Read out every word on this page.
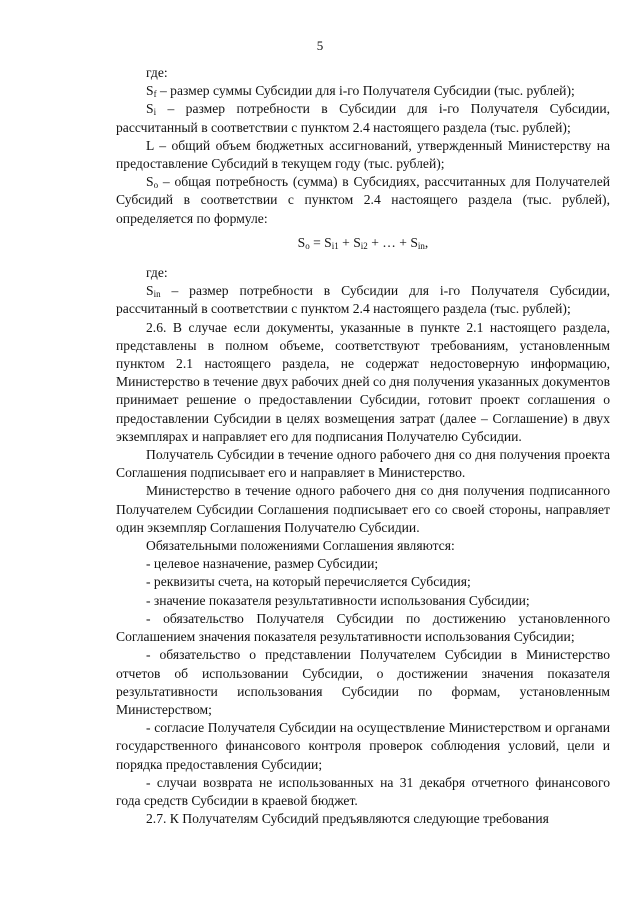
5

где:

$S_f$ – размер суммы Субсидии для i-го Получателя Субсидии (тыс. рублей);

$S_i$ – размер потребности в Субсидии для i-го Получателя Субсидии, рассчитанный в соответствии с пунктом 2.4 настоящего раздела (тыс. рублей);

L – общий объем бюджетных ассигнований, утвержденный Министерству на предоставление Субсидий в текущем году (тыс. рублей);

$S_o$ – общая потребность (сумма) в Субсидиях, рассчитанных для Получателей Субсидий в соответствии с пунктом 2.4 настоящего раздела (тыс. рублей), определяется по формуле:

$S_o = S_{i1} + S_{i2}$ + … + $S_{in}$,

где:

$S_{in}$ – размер потребности в Субсидии для i-го Получателя Субсидии, рассчитанный в соответствии с пунктом 2.4 настоящего раздела (тыс. рублей);

2.6. В случае если документы, указанные в пункте 2.1 настоящего раздела, представлены в полном объеме, соответствуют требованиям, установленным пунктом 2.1 настоящего раздела, не содержат недостоверную информацию, Министерство в течение двух рабочих дней со дня получения указанных документов принимает решение о предоставлении Субсидии, готовит проект соглашения о предоставлении Субсидии в целях возмещения затрат (далее – Соглашение) в двух экземплярах и направляет его для подписания Получателю Субсидии.

Получатель Субсидии в течение одного рабочего дня со дня получения проекта Соглашения подписывает его и направляет в Министерство.

Министерство в течение одного рабочего дня со дня получения подписанного Получателем Субсидии Соглашения подписывает его со своей стороны, направляет один экземпляр Соглашения Получателю Субсидии.

Обязательными положениями Соглашения являются:

- целевое назначение, размер Субсидии;

- реквизиты счета, на который перечисляется Субсидия;

- значение показателя результативности использования Субсидии;

- обязательство Получателя Субсидии по достижению установленного Соглашением значения показателя результативности использования Субсидии;

- обязательство о представлении Получателем Субсидии в Министерство отчетов об использовании Субсидии, о достижении значения показателя результативности использования Субсидии по формам, установленным Министерством;

- согласие Получателя Субсидии на осуществление Министерством и органами государственного финансового контроля проверок соблюдения условий, цели и порядка предоставления Субсидии;

- случаи возврата не использованных на 31 декабря отчетного финансового года средств Субсидии в краевой бюджет.

2.7. К Получателям Субсидий предъявляются следующие требования
